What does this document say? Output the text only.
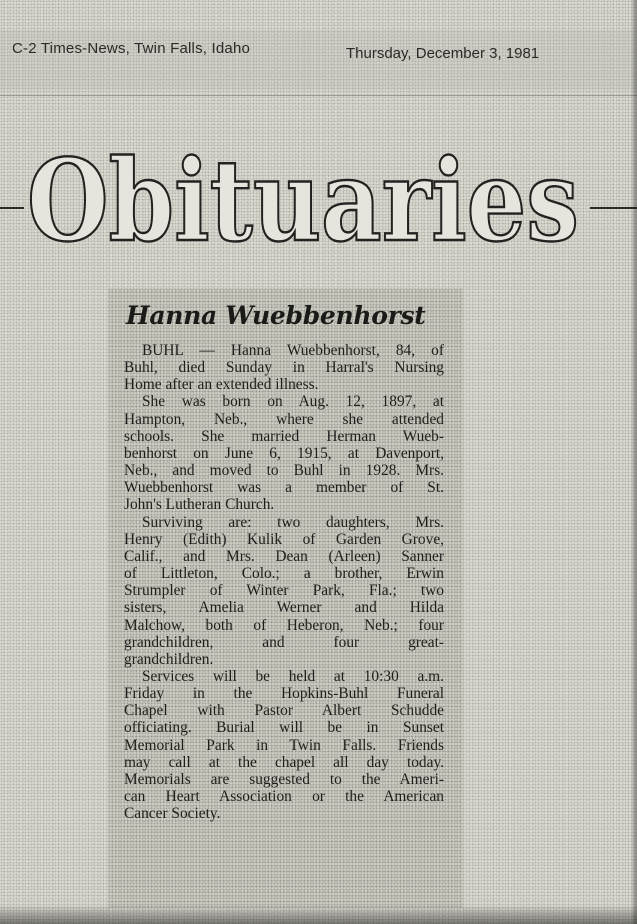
C-2 Times-News, Twin Falls, Idaho	Thursday, December 3, 1981
Obituaries
Hanna Wuebbenhorst
BUHL — Hanna Wuebbenhorst, 84, of
Buhl, died Sunday in Harral's Nursing
Home after an extended illness.
She was born on Aug. 12, 1897, at
Hampton, Neb., where she attended
schools. She married Herman Wueb-
benhorst on June 6, 1915, at Davenport,
Neb., and moved to Buhl in 1928. Mrs.
Wuebbenhorst was a member of St.
John's Lutheran Church.
Surviving are: two daughters, Mrs.
Henry (Edith) Kulik of Garden Grove,
Calif., and Mrs. Dean (Arleen) Sanner
of Littleton, Colo.; a brother, Erwin
Strumpler of Winter Park, Fla.; two
sisters, Amelia Werner and Hilda
Malchow, both of Heberon, Neb.; four
grandchildren, and four great-
grandchildren.
Services will be held at 10:30 a.m.
Friday in the Hopkins-Buhl Funeral
Chapel with Pastor Albert Schudde
officiating. Burial will be in Sunset
Memorial Park in Twin Falls. Friends
may call at the chapel all day today.
Memorials are suggested to the Ameri-
can Heart Association or the American
Cancer Society.
